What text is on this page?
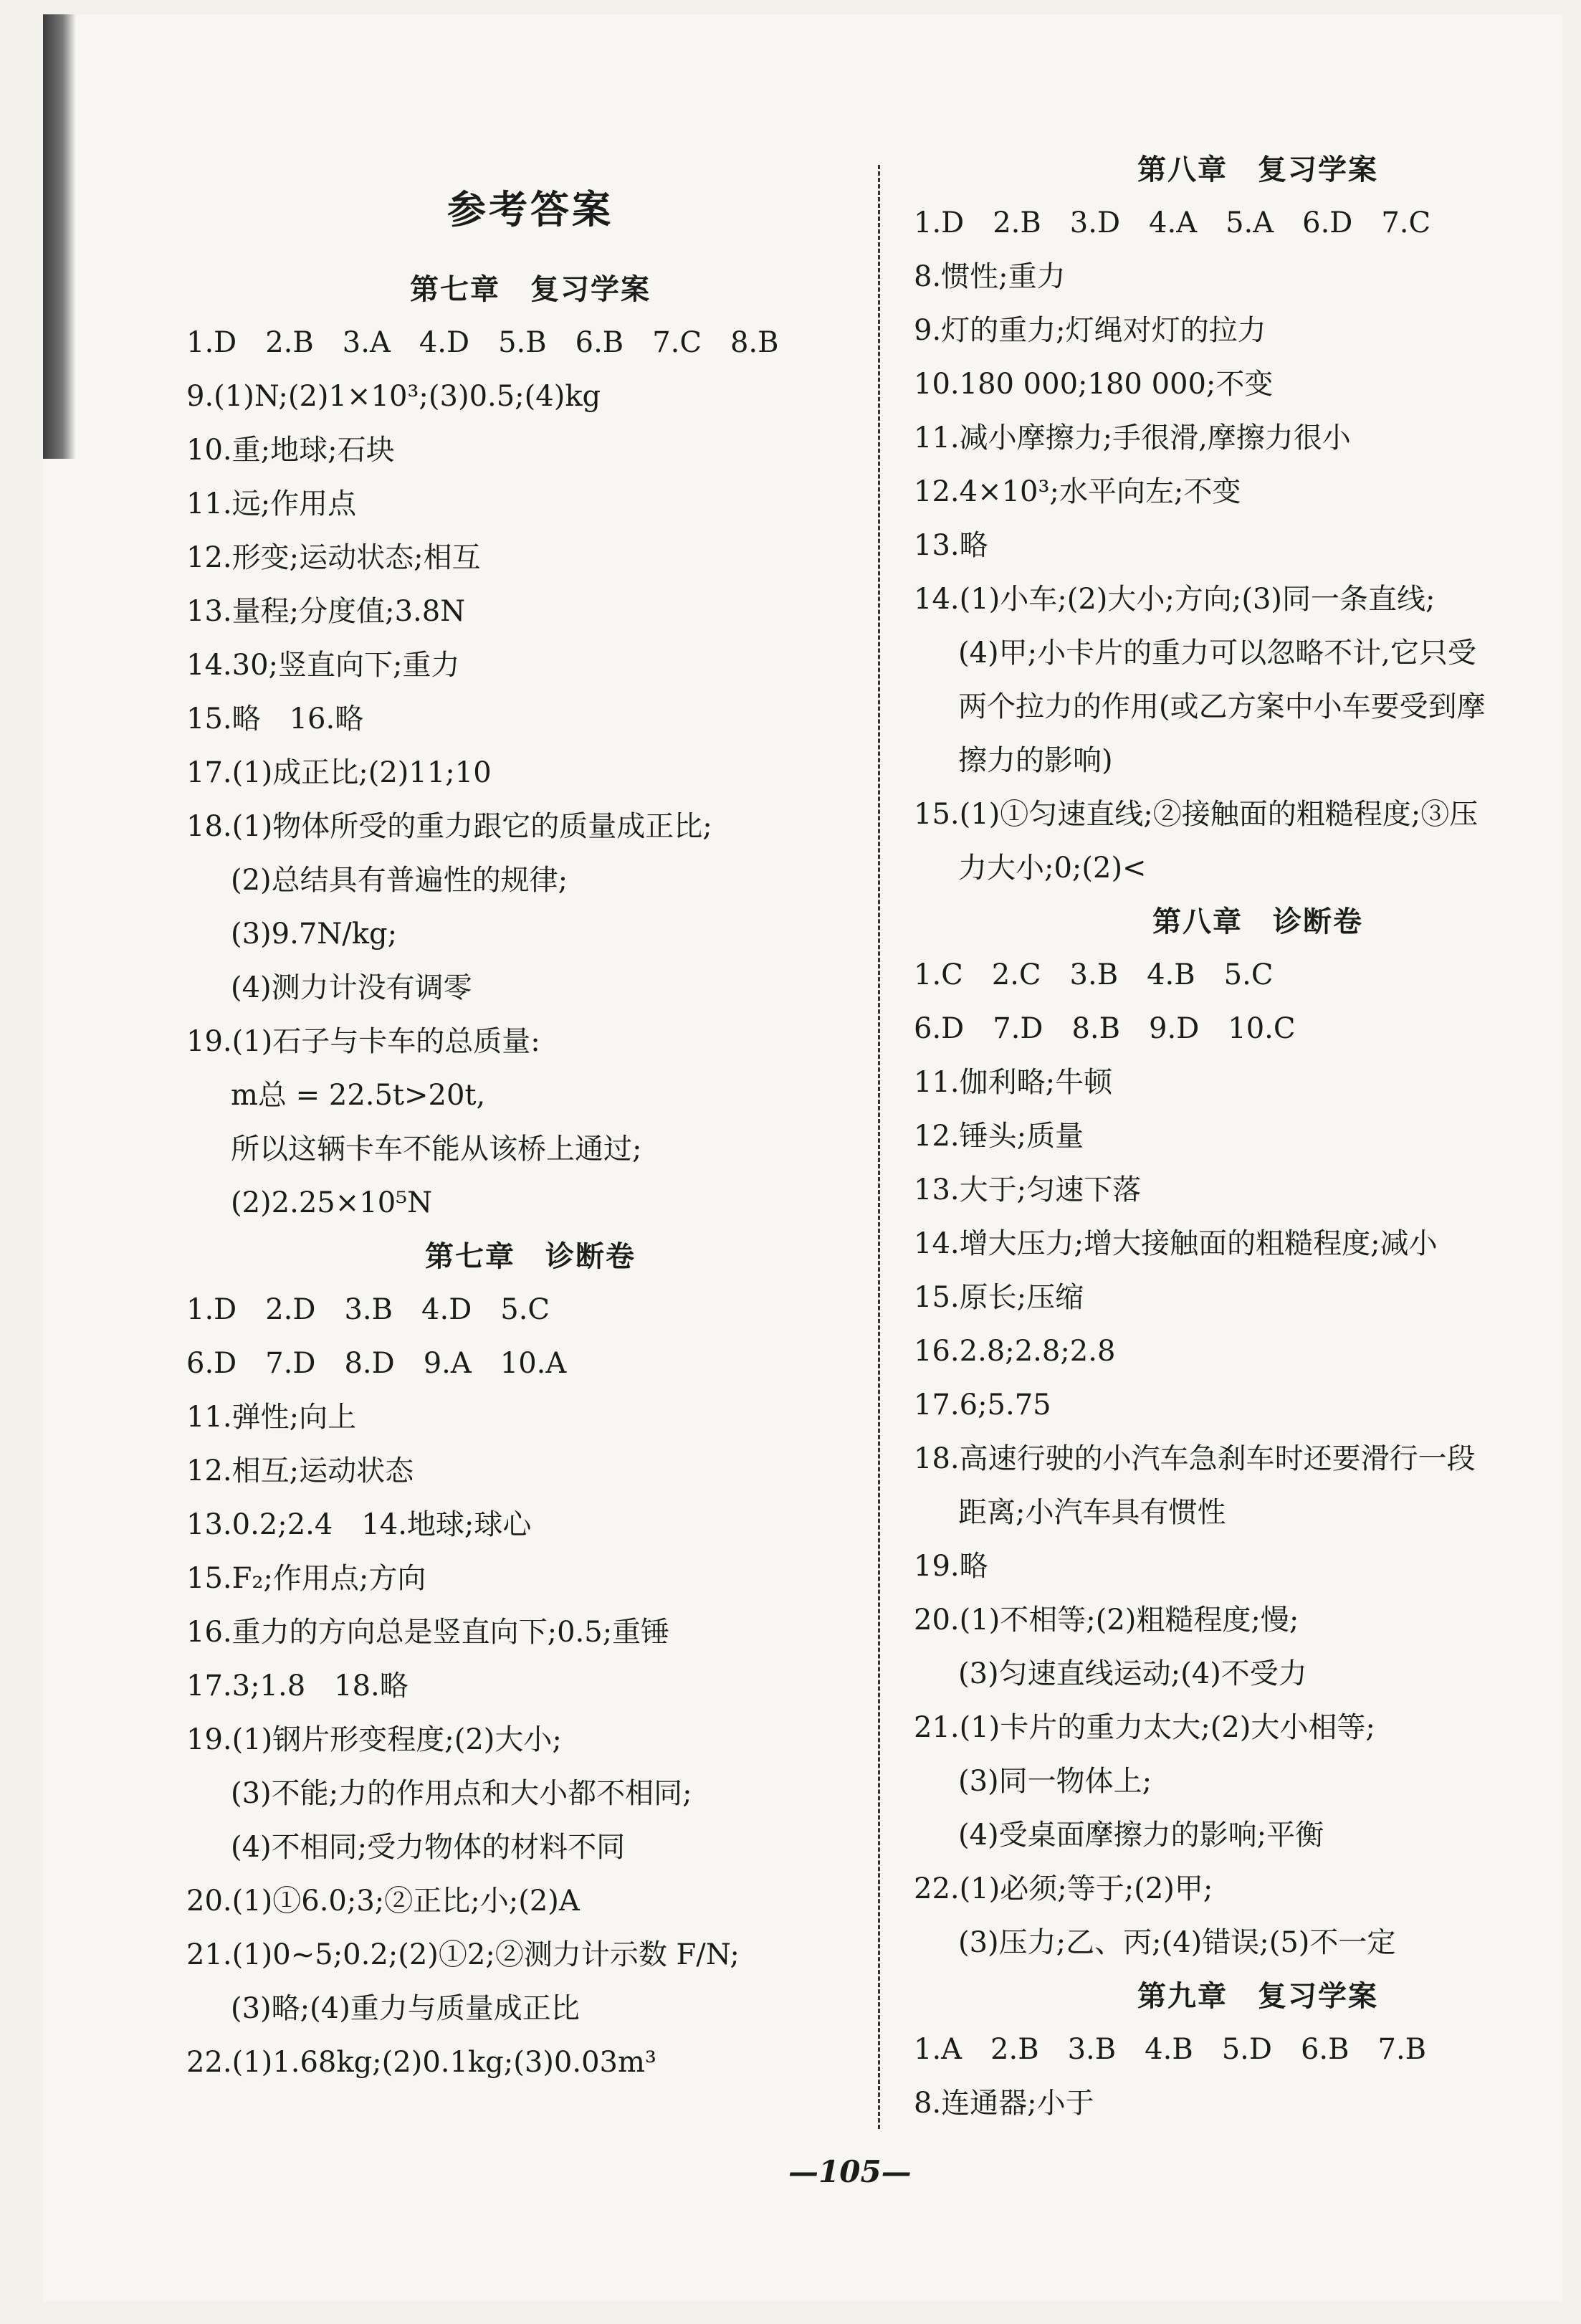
参考答案
第七章　复习学案
1.D　2.B　3.A　4.D　5.B　6.B　7.C　8.B
9.(1)N;(2)1×10³;(3)0.5;(4)kg
10.重;地球;石块
11.远;作用点
12.形变;运动状态;相互
13.量程;分度值;3.8N
14.30;竖直向下;重力
15.略　16.略
17.(1)成正比;(2)11;10
18.(1)物体所受的重力跟它的质量成正比;
(2)总结具有普遍性的规律;
(3)9.7N/kg;
(4)测力计没有调零
19.(1)石子与卡车的总质量:
m总 = 22.5t>20t,
所以这辆卡车不能从该桥上通过;
(2)2.25×10⁵N
第七章　诊断卷
1.D　2.D　3.B　4.D　5.C
6.D　7.D　8.D　9.A　10.A
11.弹性;向上
12.相互;运动状态
13.0.2;2.4　14.地球;球心
15.F₂;作用点;方向
16.重力的方向总是竖直向下;0.5;重锤
17.3;1.8　18.略
19.(1)钢片形变程度;(2)大小;
(3)不能;力的作用点和大小都不相同;
(4)不相同;受力物体的材料不同
20.(1)①6.0;3;②正比;小;(2)A
21.(1)0~5;0.2;(2)①2;②测力计示数 F/N;
(3)略;(4)重力与质量成正比
22.(1)1.68kg;(2)0.1kg;(3)0.03m³
第八章　复习学案
1.D　2.B　3.D　4.A　5.A　6.D　7.C
8.惯性;重力
9.灯的重力;灯绳对灯的拉力
10.180 000;180 000;不变
11.减小摩擦力;手很滑,摩擦力很小
12.4×10³;水平向左;不变
13.略
14.(1)小车;(2)大小;方向;(3)同一条直线;
(4)甲;小卡片的重力可以忽略不计,它只受
两个拉力的作用(或乙方案中小车要受到摩
擦力的影响)
15.(1)①匀速直线;②接触面的粗糙程度;③压
力大小;0;(2)<
第八章　诊断卷
1.C　2.C　3.B　4.B　5.C
6.D　7.D　8.B　9.D　10.C
11.伽利略;牛顿
12.锤头;质量
13.大于;匀速下落
14.增大压力;增大接触面的粗糙程度;减小
15.原长;压缩
16.2.8;2.8;2.8
17.6;5.75
18.高速行驶的小汽车急刹车时还要滑行一段
距离;小汽车具有惯性
19.略
20.(1)不相等;(2)粗糙程度;慢;
(3)匀速直线运动;(4)不受力
21.(1)卡片的重力太大;(2)大小相等;
(3)同一物体上;
(4)受桌面摩擦力的影响;平衡
22.(1)必须;等于;(2)甲;
(3)压力;乙、丙;(4)错误;(5)不一定
第九章　复习学案
1.A　2.B　3.B　4.B　5.D　6.B　7.B
8.连通器;小于
—105—
